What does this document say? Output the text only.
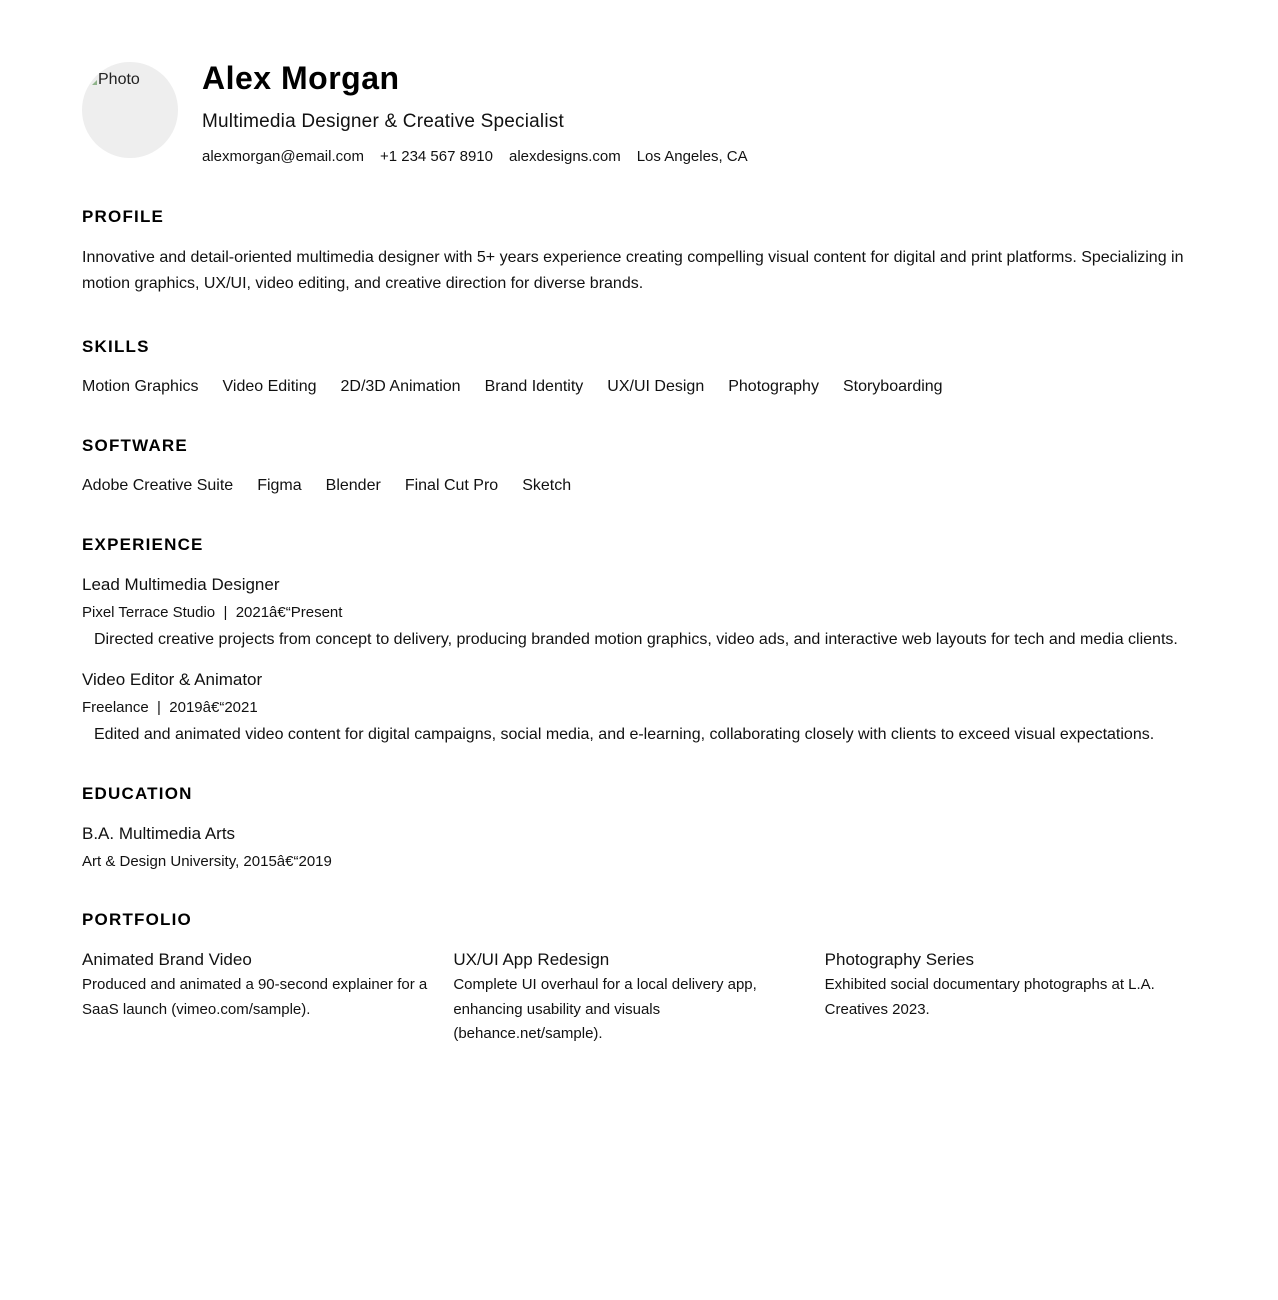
Photo Alex Morgan
Multimedia Designer & Creative Specialist
alexmorgan@email.com +1 234 567 8910 alexdesigns.com Los Angeles, CA
PROFILE
Innovative and detail-oriented multimedia designer with 5+ years experience creating compelling visual content for digital and print platforms. Specializing in motion graphics, UX/UI, video editing, and creative direction for diverse brands.
SKILLS
Motion Graphics Video Editing 2D/3D Animation Brand Identity UX/UI Design Photography Storyboarding
SOFTWARE
Adobe Creative Suite Figma Blender Final Cut Pro Sketch
EXPERIENCE
Lead Multimedia Designer
Pixel Terrace Studio  |  2021â€“Present
Directed creative projects from concept to delivery, producing branded motion graphics, video ads, and interactive web layouts for tech and media clients.
Video Editor & Animator
Freelance  |  2019â€“2021
Edited and animated video content for digital campaigns, social media, and e-learning, collaborating closely with clients to exceed visual expectations.
EDUCATION
B.A. Multimedia Arts
Art & Design University, 2015â€“2019
PORTFOLIO
Animated Brand Video
Produced and animated a 90-second explainer for a SaaS launch (vimeo.com/sample).
UX/UI App Redesign
Complete UI overhaul for a local delivery app, enhancing usability and visuals (behance.net/sample).
Photography Series
Exhibited social documentary photographs at L.A. Creatives 2023.
